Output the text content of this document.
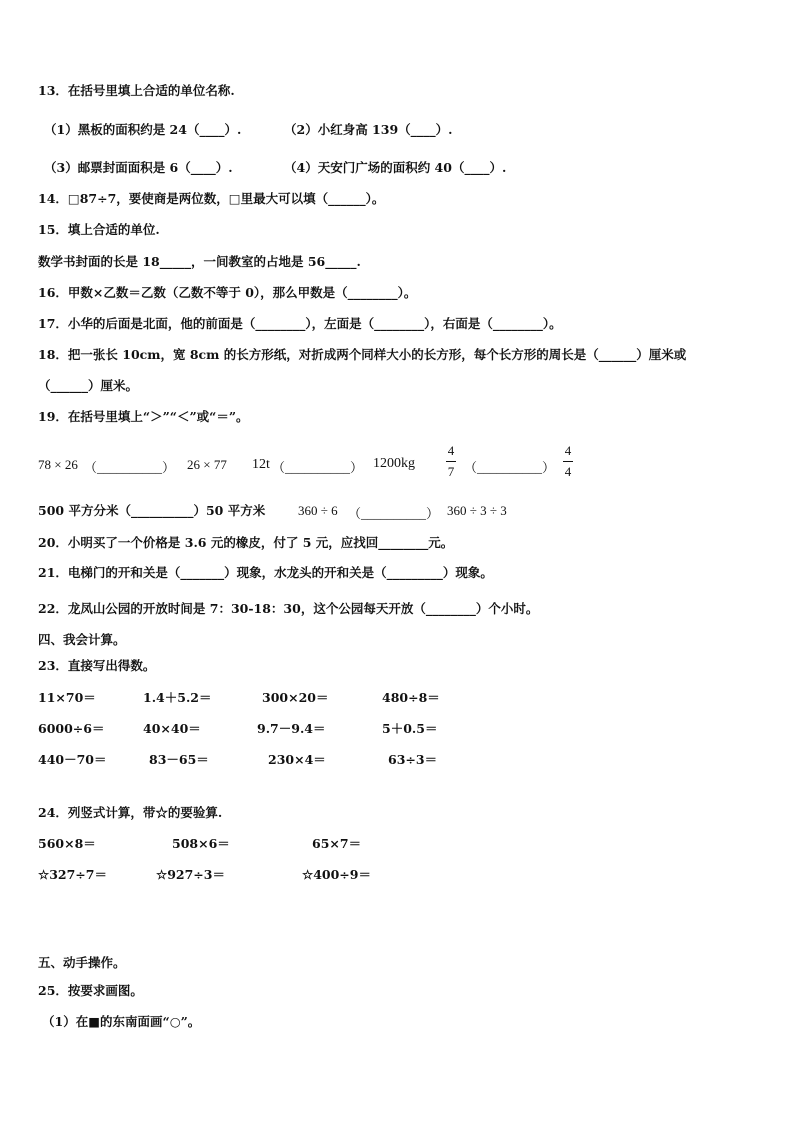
13．在括号里填上合适的单位名称.
（1）黑板的面积约是 24（____）.	（2）小红身高 139（____）.
（3）邮票封面面积是 6（____）.	（4）天安门广场的面积约 40（____）.
14．□87÷7，要使商是两位数，□里最大可以填（______）。
15．填上合适的单位.
数学书封面的长是 18_____，一间教室的占地是 56_____.
16．甲数×乙数＝乙数（乙数不等于 0），那么甲数是（________）。
17．小华的后面是北面，他的前面是（________），左面是（________），右面是（________）。
18．把一张长 10cm，宽 8cm 的长方形纸，对折成两个同样大小的长方形，每个长方形的周长是（______）厘米或
（______）厘米。
19．在括号里填上“＞”“＜”或“＝”。
78 × 26 （__________） 26 × 77 12t （__________） 1200kg
4
7 （__________）
4
4
500 平方分米（__________）50 平方米	360 ÷ 6 （__________） 360 ÷ 3 ÷ 3
20．小明买了一个价格是 3.6 元的橡皮，付了 5 元，应找回________元。
21．电梯门的开和关是（_______）现象，水龙头的开和关是（_________）现象。
22．龙凤山公园的开放时间是 7：30-18：30，这个公园每天开放（________）个小时。
四、我会计算。
23．直接写出得数。
11×70＝	1.4＋5.2＝	300×20＝	480÷8＝
6000÷6＝	40×40＝	9.7－9.4＝	5＋0.5＝
440－70＝	83－65＝	230×4＝	63÷3＝
24．列竖式计算，带☆的要验算.
560×8＝	508×6＝	65×7＝
☆327÷7＝	☆927÷3＝	☆400÷9＝
五、动手操作。
25．按要求画图。
（1）在■的东南面画“○”。
